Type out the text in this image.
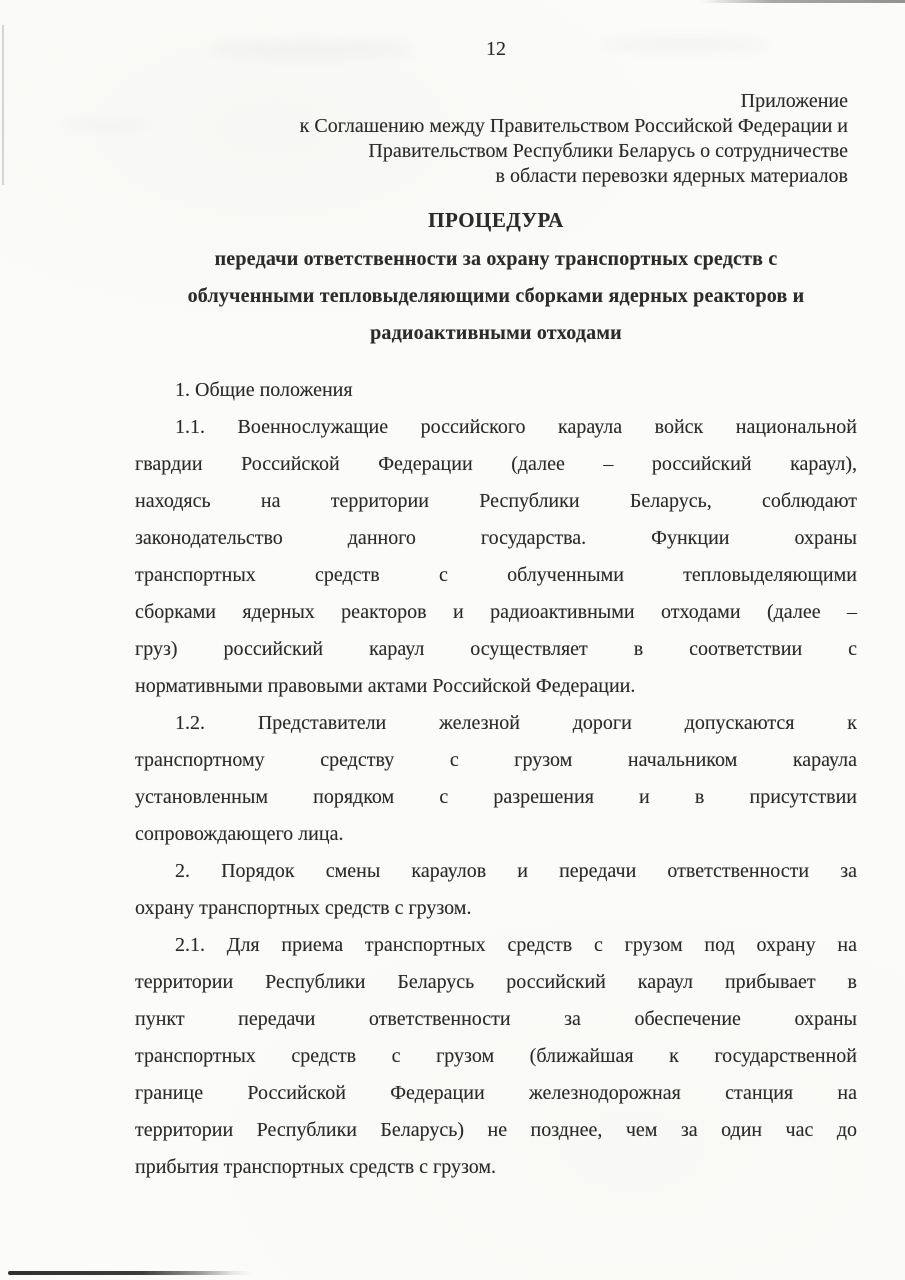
12
Приложение
к Соглашению между Правительством Российской Федерации и
Правительством Республики Беларусь о сотрудничестве
в области перевозки ядерных материалов
ПРОЦЕДУРА
передачи ответственности за охрану транспортных средств с
облученными тепловыделяющими сборками ядерных реакторов и
радиоактивными отходами
1. Общие положения
1.1. Военнослужащие российского караула войск национальной
гвардии Российской Федерации (далее – российский караул),
находясь на территории Республики Беларусь, соблюдают
законодательство данного государства. Функции охраны
транспортных средств с облученными тепловыделяющими
сборками ядерных реакторов и радиоактивными отходами (далее –
груз) российский караул осуществляет в соответствии с
нормативными правовыми актами Российской Федерации.
1.2. Представители железной дороги допускаются к
транспортному средству с грузом начальником караула
установленным порядком с разрешения и в присутствии
сопровождающего лица.
2. Порядок смены караулов и передачи ответственности за
охрану транспортных средств с грузом.
2.1. Для приема транспортных средств с грузом под охрану на
территории Республики Беларусь российский караул прибывает в
пункт передачи ответственности за обеспечение охраны
транспортных средств с грузом (ближайшая к государственной
границе Российской Федерации железнодорожная станция на
территории Республики Беларусь) не позднее, чем за один час до
прибытия транспортных средств с грузом.
